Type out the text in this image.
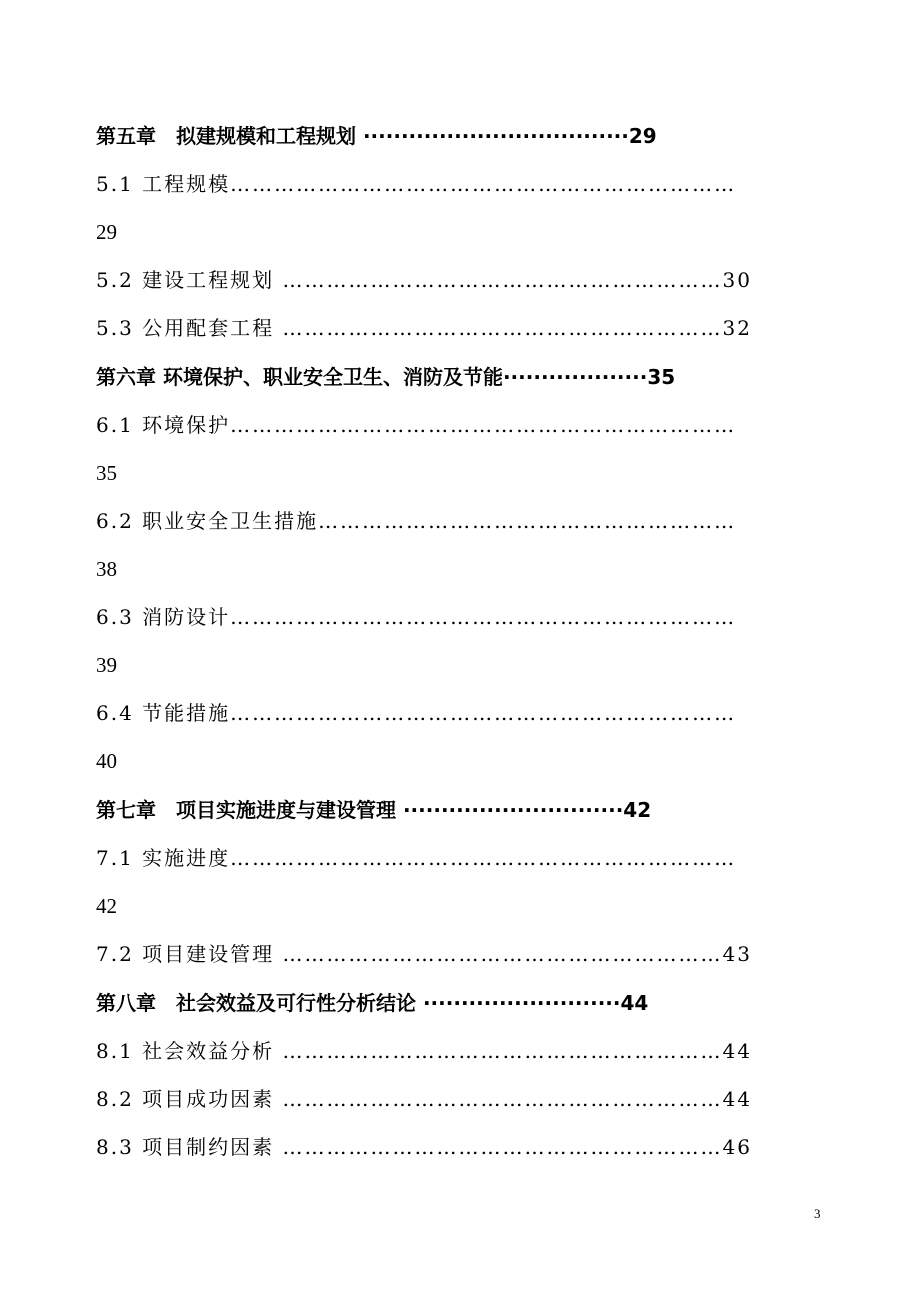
第五章　拟建规模和工程规划 ···································29
5.1 工程规模……………………………………………………………
29
5.2 建设工程规划 ……………………………………………………30
5.3 公用配套工程 ……………………………………………………32
第六章 环境保护、职业安全卫生、消防及节能···················35
6.1 环境保护……………………………………………………………
35
6.2 职业安全卫生措施…………………………………………………
38
6.3 消防设计……………………………………………………………
39
6.4 节能措施……………………………………………………………
40
第七章　项目实施进度与建设管理 ·····························42
7.1 实施进度……………………………………………………………
42
7.2 项目建设管理 ……………………………………………………43
第八章　社会效益及可行性分析结论 ··························44
8.1 社会效益分析 ……………………………………………………44
8.2 项目成功因素 ……………………………………………………44
8.3 项目制约因素 ……………………………………………………46
3
